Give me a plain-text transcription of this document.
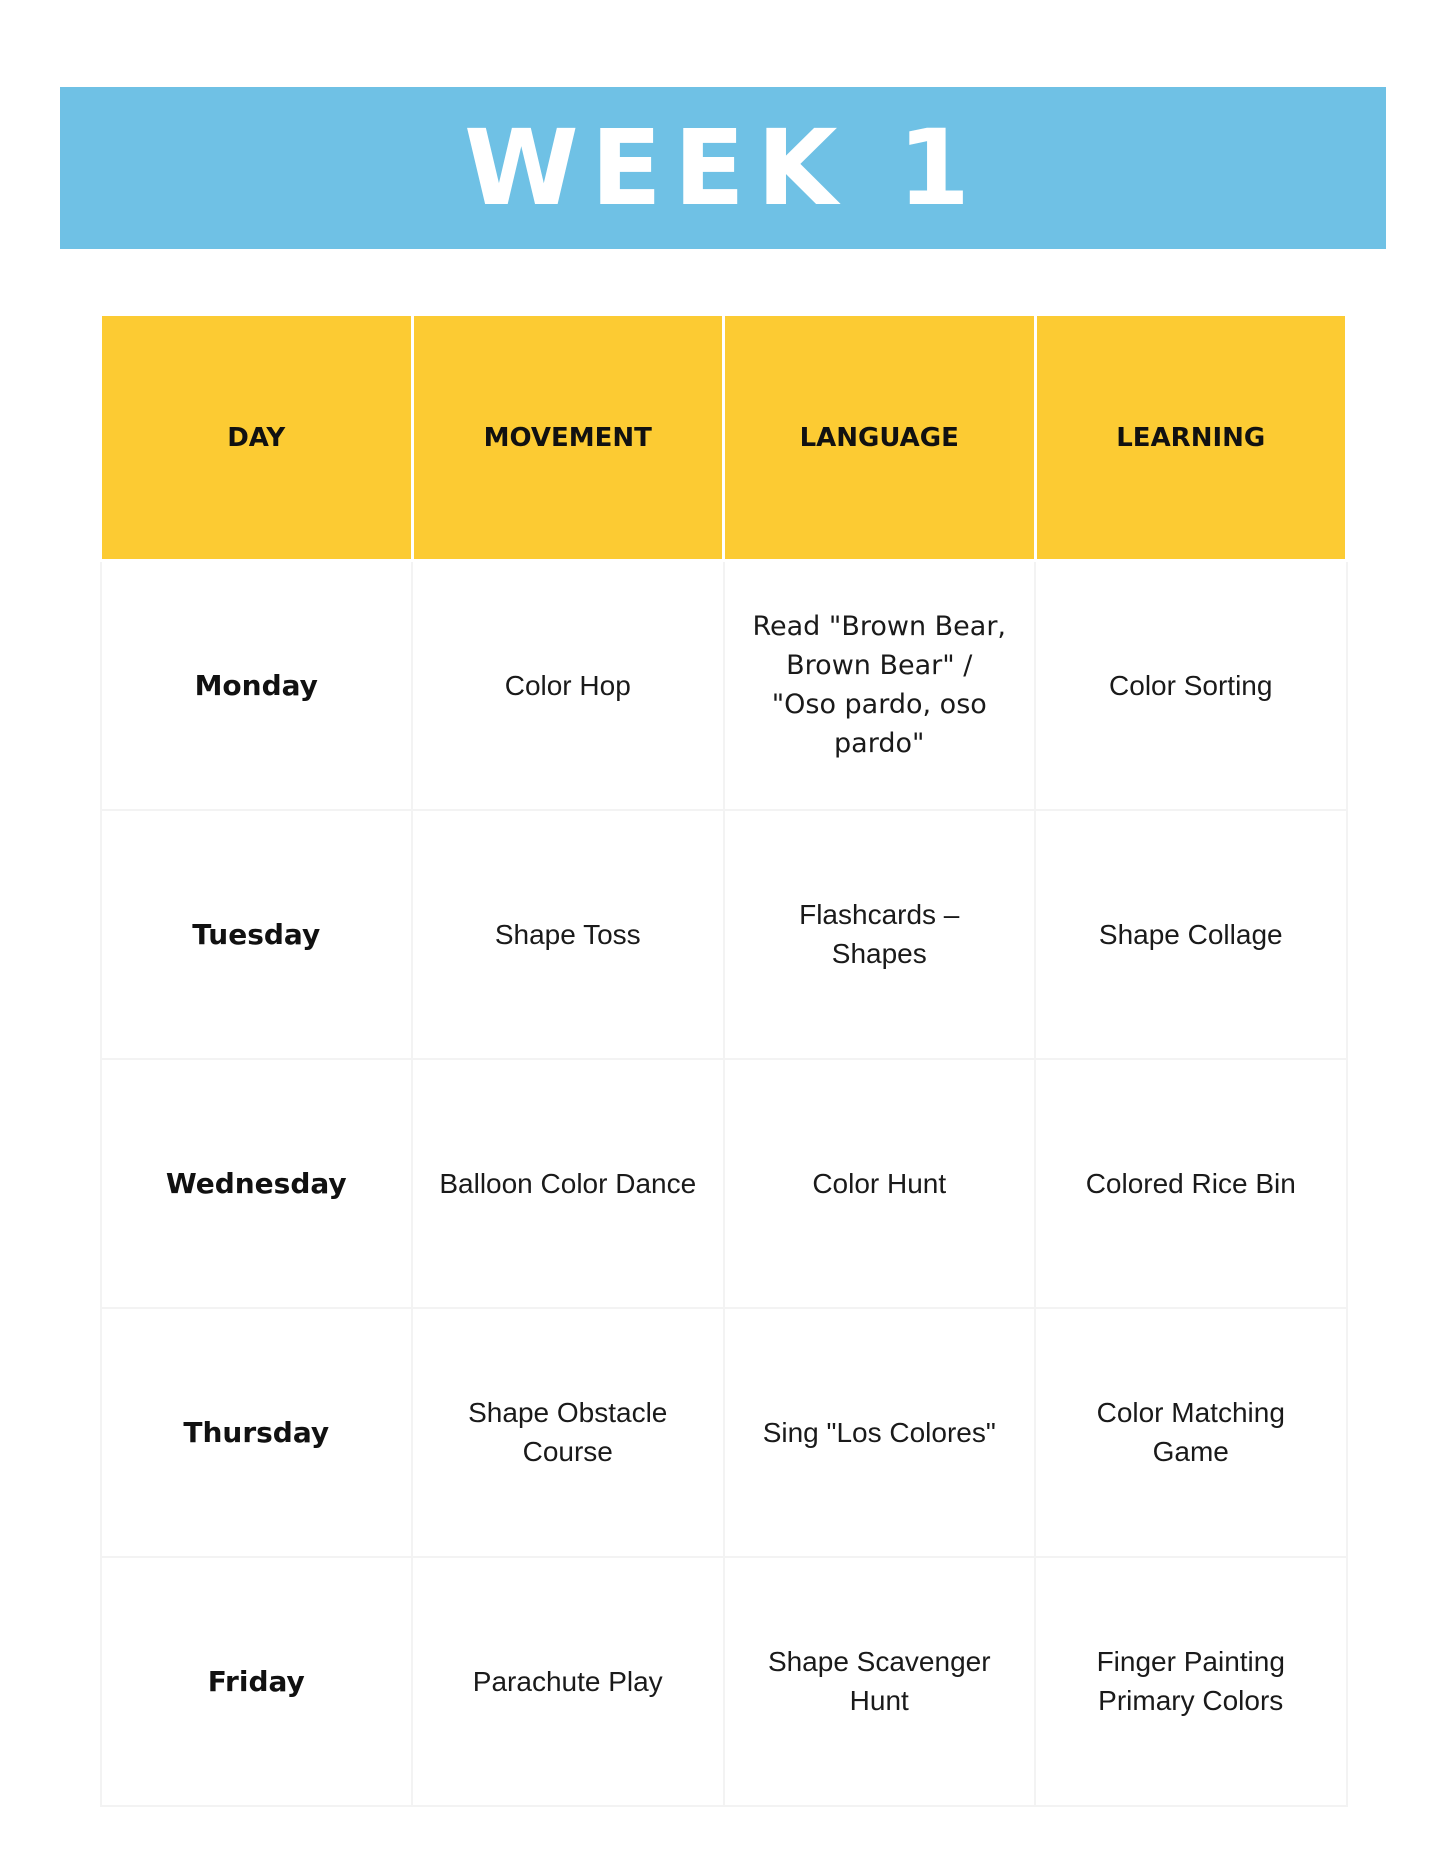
WEEK 1
DAY	MOVEMENT	LANGUAGE	LEARNING
Monday	Color Hop	Read "Brown Bear, Brown Bear" / "Oso pardo, oso pardo"	Color Sorting
Tuesday	Shape Toss	Flashcards – Shapes	Shape Collage
Wednesday	Balloon Color Dance	Color Hunt	Colored Rice Bin
Thursday	Shape Obstacle Course	Sing "Los Colores"	Color Matching Game
Friday	Parachute Play	Shape Scavenger Hunt	Finger Painting Primary Colors
